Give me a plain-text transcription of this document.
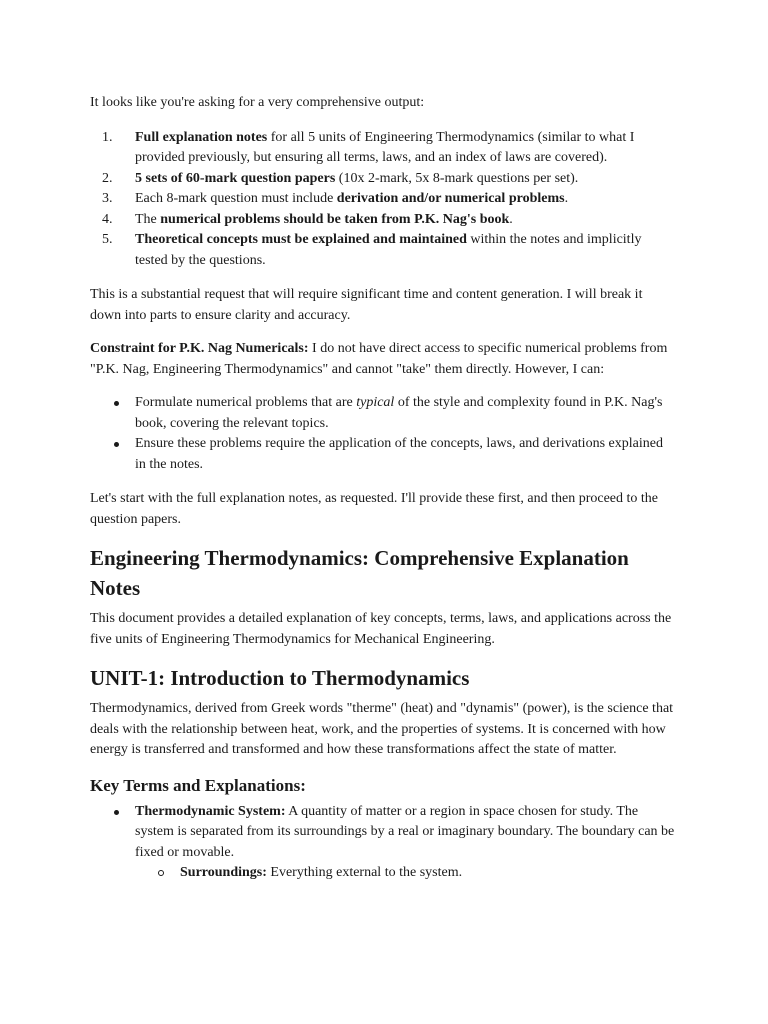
It looks like you're asking for a very comprehensive output:

1. Full explanation notes for all 5 units of Engineering Thermodynamics (similar to what I provided previously, but ensuring all terms, laws, and an index of laws are covered).
2. 5 sets of 60-mark question papers (10x 2-mark, 5x 8-mark questions per set).
3. Each 8-mark question must include derivation and/or numerical problems.
4. The numerical problems should be taken from P.K. Nag's book.
5. Theoretical concepts must be explained and maintained within the notes and implicitly tested by the questions.

This is a substantial request that will require significant time and content generation. I will break it down into parts to ensure clarity and accuracy.

Constraint for P.K. Nag Numericals: I do not have direct access to specific numerical problems from "P.K. Nag, Engineering Thermodynamics" and cannot "take" them directly. However, I can:

Formulate numerical problems that are typical of the style and complexity found in P.K. Nag's book, covering the relevant topics.
Ensure these problems require the application of the concepts, laws, and derivations explained in the notes.

Let's start with the full explanation notes, as requested. I'll provide these first, and then proceed to the question papers.

Engineering Thermodynamics: Comprehensive Explanation Notes

This document provides a detailed explanation of key concepts, terms, laws, and applications across the five units of Engineering Thermodynamics for Mechanical Engineering.

UNIT-1: Introduction to Thermodynamics

Thermodynamics, derived from Greek words "therme" (heat) and "dynamis" (power), is the science that deals with the relationship between heat, work, and the properties of systems. It is concerned with how energy is transferred and transformed and how these transformations affect the state of matter.

Key Terms and Explanations:
Thermodynamic System: A quantity of matter or a region in space chosen for study. The system is separated from its surroundings by a real or imaginary boundary. The boundary can be fixed or movable.
Surroundings: Everything external to the system.
